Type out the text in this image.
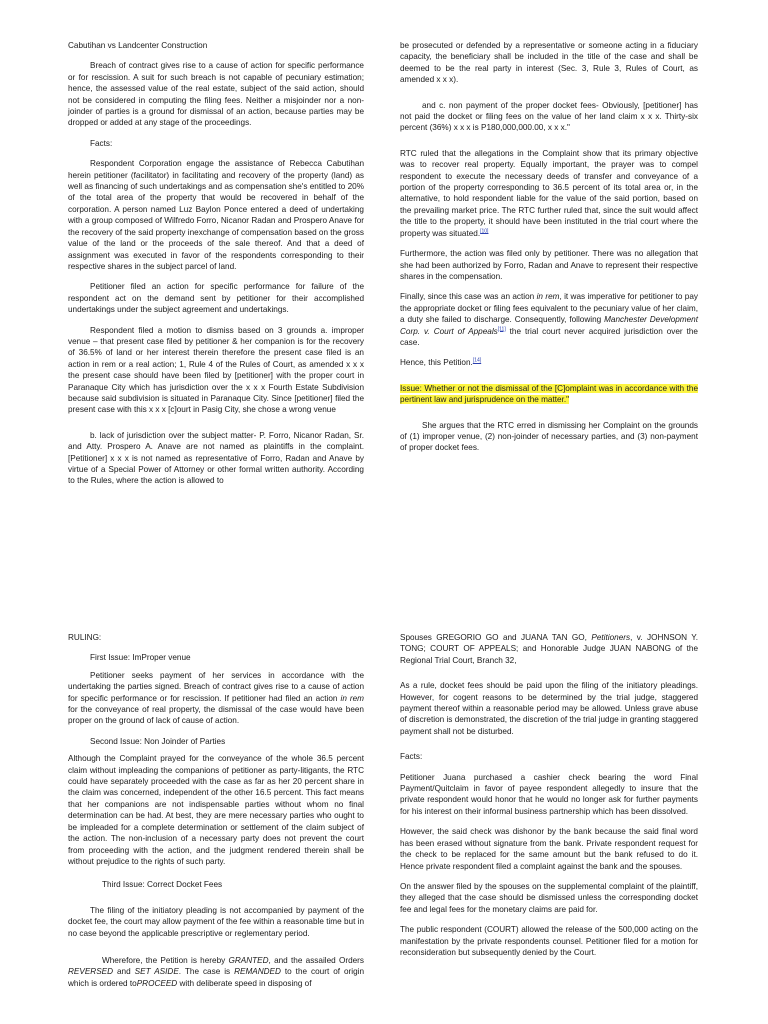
Cabutihan vs Landcenter Construction

Breach of contract gives rise to a cause of action for specific performance or for rescission. A suit for such breach is not capable of pecuniary estimation; hence, the assessed value of the real estate, subject of the said action, should not be considered in computing the filing fees. Neither a misjoinder nor a non-joinder of parties is a ground for dismissal of an action, because parties may be dropped or added at any stage of the proceedings.

Facts:

Respondent Corporation engage the assistance of Rebecca Cabutihan herein petitioner (facilitator) in facilitating and recovery of the property (land) as well as financing of such undertakings and as compensation she's entitled to 20% of the total area of the property that would be recovered in behalf of the corporation. A person named Luz Baylon Ponce entered a deed of undertaking with a group composed of Wilfredo Forro, Nicanor Radan and Prospero Anave for the recovery of the said property inexchange of compensation based on the gross value of the land or the proceeds of the sale thereof. And that a deed of assignment was executed in favor of the respondents corresponding to their respective shares in the subject parcel of land.

Petitioner filed an action for specific performance for failure of the respondent act on the demand sent by petitioner for their accomplished undertakings under the subject agreement and undertakings.

Respondent filed a motion to dismiss based on 3 grounds a. improper venue – that present case filed by petitioner & her companion is for the recovery of 36.5% of land or her interest therein therefore the present case filed is an action in rem or a real action; 1, Rule 4 of the Rules of Court, as amended x x x the present case should have been filed by [petitioner] with the proper court in Paranaque City which has jurisdiction over the x x x Fourth Estate Subdivision because said subdivision is situated in Paranaque City. Since [petitioner] filed the present case with this x x x [c]ourt in Pasig City, she chose a wrong venue

b. lack of jurisdiction over the subject matter- P. Forro, Nicanor Radan, Sr. and Atty. Prospero A. Anave are not named as plaintiffs in the complaint. [Petitioner] x x x is not named as representative of Forro, Radan and Anave by virtue of a Special Power of Attorney or other formal written authority. According to the Rules, where the action is allowed to

be prosecuted or defended by a representative or someone acting in a fiduciary capacity, the beneficiary shall be included in the title of the case and shall be deemed to be the real party in interest (Sec. 3, Rule 3, Rules of Court, as amended x x x).

and c. non payment of the proper docket fees- Obviously, [petitioner] has not paid the docket or filing fees on the value of her land claim x x x. Thirty-six percent (36%) x x x is P180,000,000.00, x x x."

RTC ruled that the allegations in the Complaint show that its primary objective was to recover real property. Equally important, the prayer was to compel respondent to execute the necessary deeds of transfer and conveyance of a portion of the property corresponding to 36.5 percent of its total area or, in the alternative, to hold respondent liable for the value of the said portion, based on the prevailing market price. The RTC further ruled that, since the suit would affect the title to the property, it should have been instituted in the trial court where the property was situated.[10]

Furthermore, the action was filed only by petitioner. There was no allegation that she had been authorized by Forro, Radan and Anave to represent their respective shares in the compensation.

Finally, since this case was an action in rem, it was imperative for petitioner to pay the appropriate docket or filing fees equivalent to the pecuniary value of her claim, a duty she failed to discharge. Consequently, following Manchester Development Corp. v. Court of Appeals[11] the trial court never acquired jurisdiction over the case.

Hence, this Petition.[14]

Issue: Whether or not the dismissal of the [C]omplaint was in accordance with the pertinent law and jurisprudence on the matter."

She argues that the RTC erred in dismissing her Complaint on the grounds of (1) improper venue, (2) non-joinder of necessary parties, and (3) non-payment of proper docket fees.

RULING:

First Issue: ImProper venue

Petitioner seeks payment of her services in accordance with the undertaking the parties signed. Breach of contract gives rise to a cause of action for specific performance or for rescission. If petitioner had filed an action in rem for the conveyance of real property, the dismissal of the case would have been proper on the ground of lack of cause of action.

Second Issue: Non Joinder of Parties

Although the Complaint prayed for the conveyance of the whole 36.5 percent claim without impleading the companions of petitioner as party-litigants, the RTC could have separately proceeded with the case as far as her 20 percent share in the claim was concerned, independent of the other 16.5 percent. This fact means that her companions are not indispensable parties without whom no final determination can be had. At best, they are mere necessary parties who ought to be impleaded for a complete determination or settlement of the claim subject of the action. The non-inclusion of a necessary party does not prevent the court from proceeding with the action, and the judgment rendered therein shall be without prejudice to the rights of such party.

Third Issue: Correct Docket Fees

The filing of the initiatory pleading is not accompanied by payment of the docket fee, the court may allow payment of the fee within a reasonable time but in no case beyond the applicable prescriptive or reglementary period.

Wherefore, the Petition is hereby GRANTED, and the assailed Orders REVERSED and SET ASIDE. The case is REMANDED to the court of origin which is ordered toPROCEED with deliberate speed in disposing of

Spouses GREGORIO GO and JUANA TAN GO, Petitioners, v. JOHNSON Y. TONG; COURT OF APPEALS; and Honorable Judge JUAN NABONG of the Regional Trial Court, Branch 32,

As a rule, docket fees should be paid upon the filing of the initiatory pleadings. However, for cogent reasons to be determined by the trial judge, staggered payment thereof within a reasonable period may be allowed. Unless grave abuse of discretion is demonstrated, the discretion of the trial judge in granting staggered payment shall not be disturbed.

Facts:

Petitioner Juana purchased a cashier check bearing the word Final Payment/Quitclaim in favor of payee respondent allegedly to insure that the private respondent would honor that he would no longer ask for further payments for his interest on their informal business partnership which has been dissolved.

However, the said check was dishonor by the bank because the said final word has been erased without signature from the bank. Private respondent request for the check to be replaced for the same amount but the bank refused to do it. Hence private respondent filed a complaint against the bank and the spouses.

On the answer filed by the spouses on the supplemental complaint of the plaintiff, they alleged that the case should be dismissed unless the corresponding docket fee and legal fees for the monetary claims are paid for.

The public respondent (COURT) allowed the release of the 500,000 acting on the manifestation by the private respondents counsel. Petitioner filed for a motion for reconsideration but subsequently denied by the Court.
